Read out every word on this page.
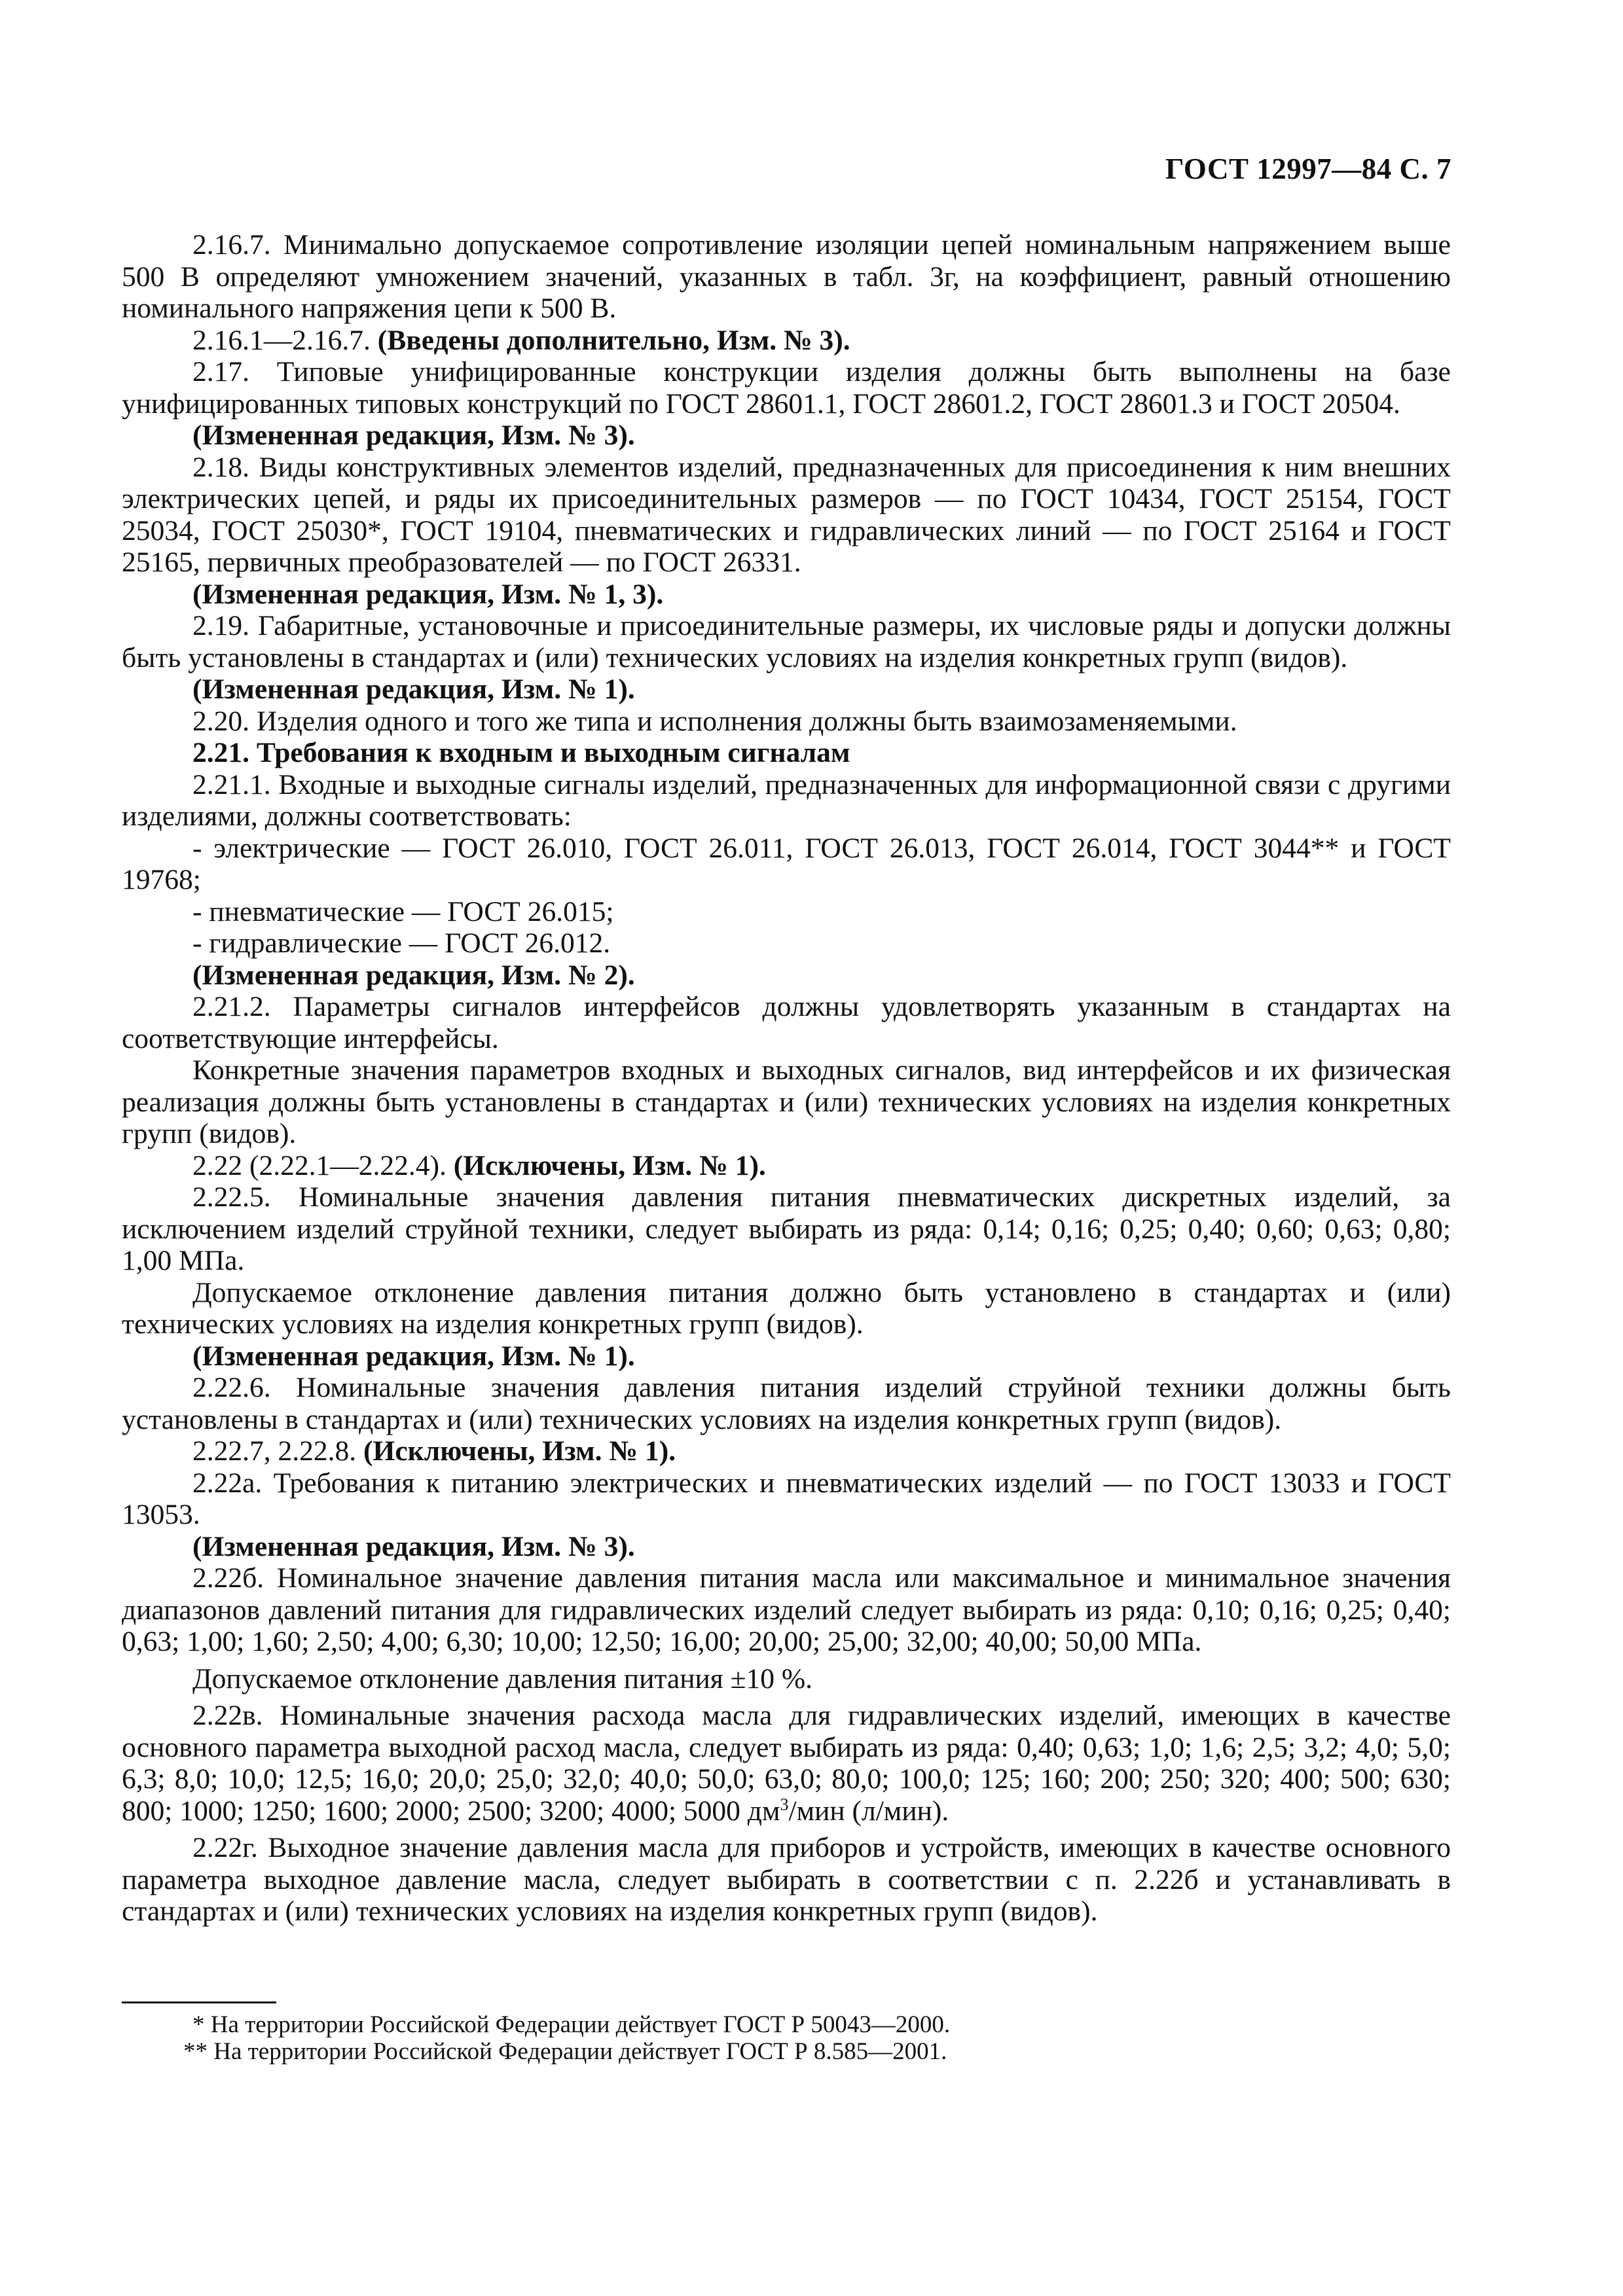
ГОСТ 12997—84 С. 7

2.16.7. Минимально допускаемое сопротивление изоляции цепей номинальным напряжением выше 500 В определяют умножением значений, указанных в табл. 3г, на коэффициент, равный отношению номинального напряжения цепи к 500 В.

2.16.1—2.16.7. (Введены дополнительно, Изм. № 3).

2.17. Типовые унифицированные конструкции изделия должны быть выполнены на базе унифицированных типовых конструкций по ГОСТ 28601.1, ГОСТ 28601.2, ГОСТ 28601.3 и ГОСТ 20504.

(Измененная редакция, Изм. № 3).

2.18. Виды конструктивных элементов изделий, предназначенных для присоединения к ним внешних электрических цепей, и ряды их присоединительных размеров — по ГОСТ 10434, ГОСТ 25154, ГОСТ 25034, ГОСТ 25030*, ГОСТ 19104, пневматических и гидравлических линий — по ГОСТ 25164 и ГОСТ 25165, первичных преобразователей — по ГОСТ 26331.

(Измененная редакция, Изм. № 1, 3).

2.19. Габаритные, установочные и присоединительные размеры, их числовые ряды и допуски должны быть установлены в стандартах и (или) технических условиях на изделия конкретных групп (видов).

(Измененная редакция, Изм. № 1).

2.20. Изделия одного и того же типа и исполнения должны быть взаимозаменяемыми.

2.21. Требования к входным и выходным сигналам

2.21.1. Входные и выходные сигналы изделий, предназначенных для информационной связи с другими изделиями, должны соответствовать:

- электрические — ГОСТ 26.010, ГОСТ 26.011, ГОСТ 26.013, ГОСТ 26.014, ГОСТ 3044** и ГОСТ 19768;

- пневматические — ГОСТ 26.015;

- гидравлические — ГОСТ 26.012.

(Измененная редакция, Изм. № 2).

2.21.2. Параметры сигналов интерфейсов должны удовлетворять указанным в стандартах на соответствующие интерфейсы.

Конкретные значения параметров входных и выходных сигналов, вид интерфейсов и их физическая реализация должны быть установлены в стандартах и (или) технических условиях на изделия конкретных групп (видов).

2.22 (2.22.1—2.22.4). (Исключены, Изм. № 1).

2.22.5. Номинальные значения давления питания пневматических дискретных изделий, за исключением изделий струйной техники, следует выбирать из ряда: 0,14; 0,16; 0,25; 0,40; 0,60; 0,63; 0,80; 1,00 МПа.

Допускаемое отклонение давления питания должно быть установлено в стандартах и (или) технических условиях на изделия конкретных групп (видов).

(Измененная редакция, Изм. № 1).

2.22.6. Номинальные значения давления питания изделий струйной техники должны быть установлены в стандартах и (или) технических условиях на изделия конкретных групп (видов).

2.22.7, 2.22.8. (Исключены, Изм. № 1).

2.22а. Требования к питанию электрических и пневматических изделий — по ГОСТ 13033 и ГОСТ 13053.

(Измененная редакция, Изм. № 3).

2.22б. Номинальное значение давления питания масла или максимальное и минимальное значения диапазонов давлений питания для гидравлических изделий следует выбирать из ряда: 0,10; 0,16; 0,25; 0,40; 0,63; 1,00; 1,60; 2,50; 4,00; 6,30; 10,00; 12,50; 16,00; 20,00; 25,00; 32,00; 40,00; 50,00 МПа.

Допускаемое отклонение давления питания ±10 %.

2.22в. Номинальные значения расхода масла для гидравлических изделий, имеющих в качестве основного параметра выходной расход масла, следует выбирать из ряда: 0,40; 0,63; 1,0; 1,6; 2,5; 3,2; 4,0; 5,0; 6,3; 8,0; 10,0; 12,5; 16,0; 20,0; 25,0; 32,0; 40,0; 50,0; 63,0; 80,0; 100,0; 125; 160; 200; 250; 320; 400; 500; 630; 800; 1000; 1250; 1600; 2000; 2500; 3200; 4000; 5000 $дм^3$/мин (л/мин).

2.22г. Выходное значение давления масла для приборов и устройств, имеющих в качестве основного параметра выходное давление масла, следует выбирать в соответствии с п. 2.22б и устанавливать в стандартах и (или) технических условиях на изделия конкретных групп (видов).

* На территории Российской Федерации действует ГОСТ Р 50043—2000.

** На территории Российской Федерации действует ГОСТ Р 8.585—2001.
